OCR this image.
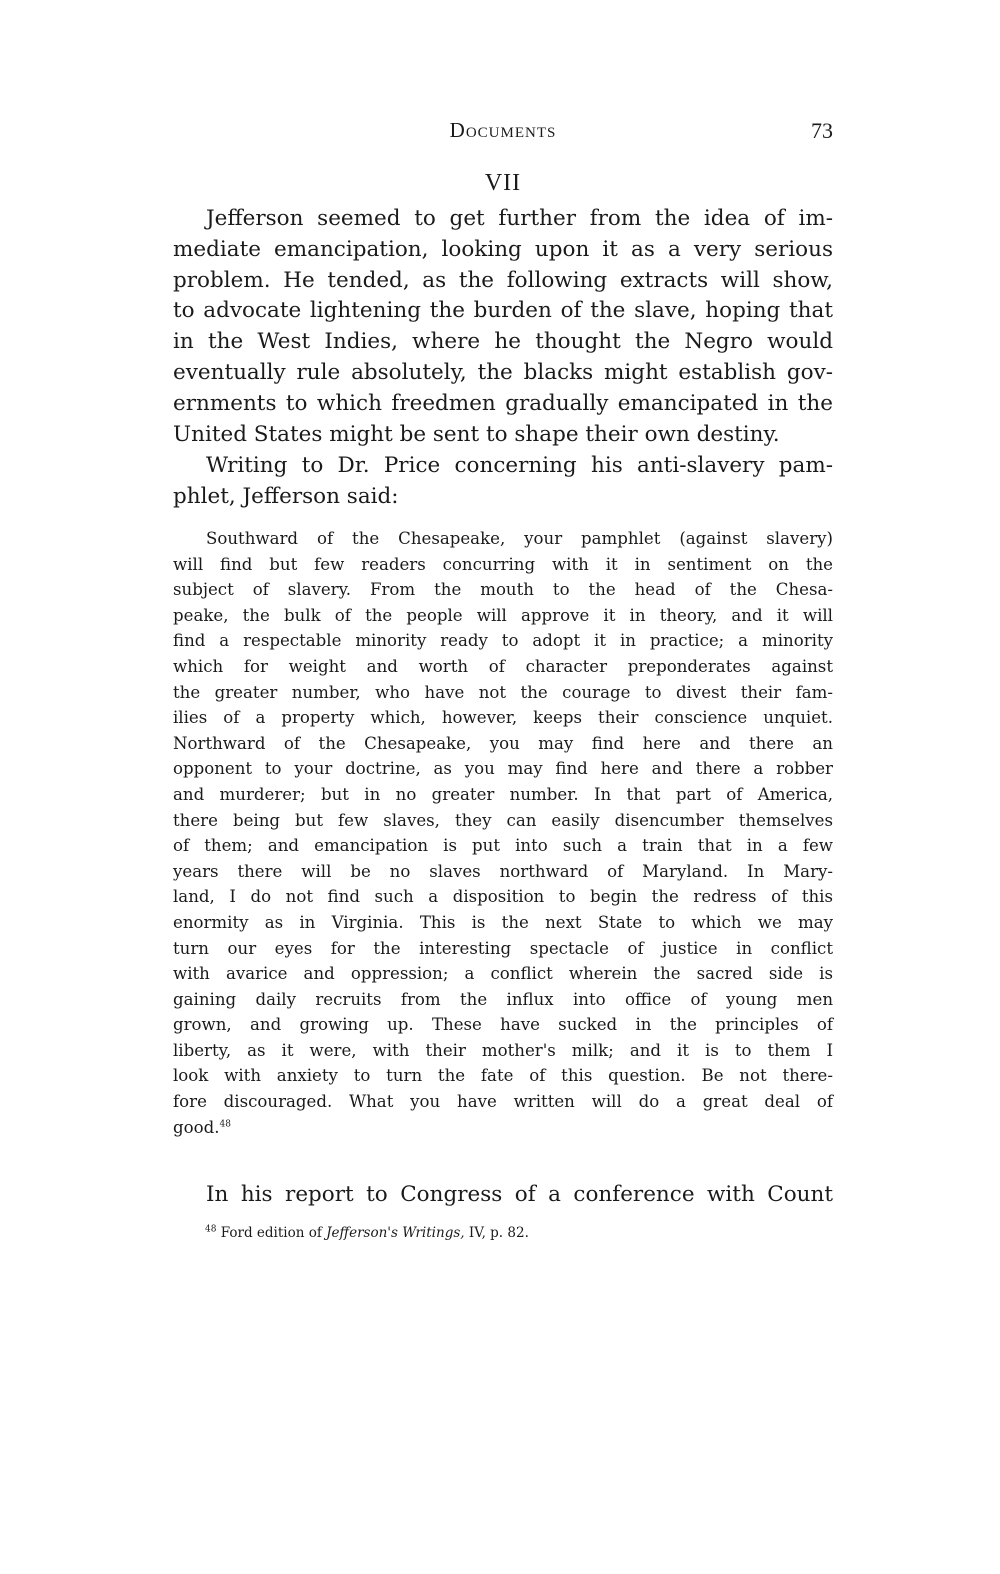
Documents	73
VII
Jefferson seemed to get further from the idea of im-
mediate emancipation, looking upon it as a very serious
problem. He tended, as the following extracts will show,
to advocate lightening the burden of the slave, hoping that
in the West Indies, where he thought the Negro would
eventually rule absolutely, the blacks might establish gov-
ernments to which freedmen gradually emancipated in the
United States might be sent to shape their own destiny.
Writing to Dr. Price concerning his anti-slavery pam-
phlet, Jefferson said:
Southward of the Chesapeake, your pamphlet (against slavery)
will find but few readers concurring with it in sentiment on the
subject of slavery. From the mouth to the head of the Chesa-
peake, the bulk of the people will approve it in theory, and it will
find a respectable minority ready to adopt it in practice; a minority
which for weight and worth of character preponderates against
the greater number, who have not the courage to divest their fam-
ilies of a property which, however, keeps their conscience unquiet.
Northward of the Chesapeake, you may find here and there an
opponent to your doctrine, as you may find here and there a robber
and murderer; but in no greater number. In that part of America,
there being but few slaves, they can easily disencumber themselves
of them; and emancipation is put into such a train that in a few
years there will be no slaves northward of Maryland. In Mary-
land, I do not find such a disposition to begin the redress of this
enormity as in Virginia. This is the next State to which we may
turn our eyes for the interesting spectacle of justice in conflict
with avarice and oppression; a conflict wherein the sacred side is
gaining daily recruits from the influx into office of young men
grown, and growing up. These have sucked in the principles of
liberty, as it were, with their mother's milk; and it is to them I
look with anxiety to turn the fate of this question. Be not there-
fore discouraged. What you have written will do a great deal of
good.$^{48}$
In his report to Congress of a conference with Count
$^{48}$ Ford edition of Jefferson's Writings, IV, p. 82.
